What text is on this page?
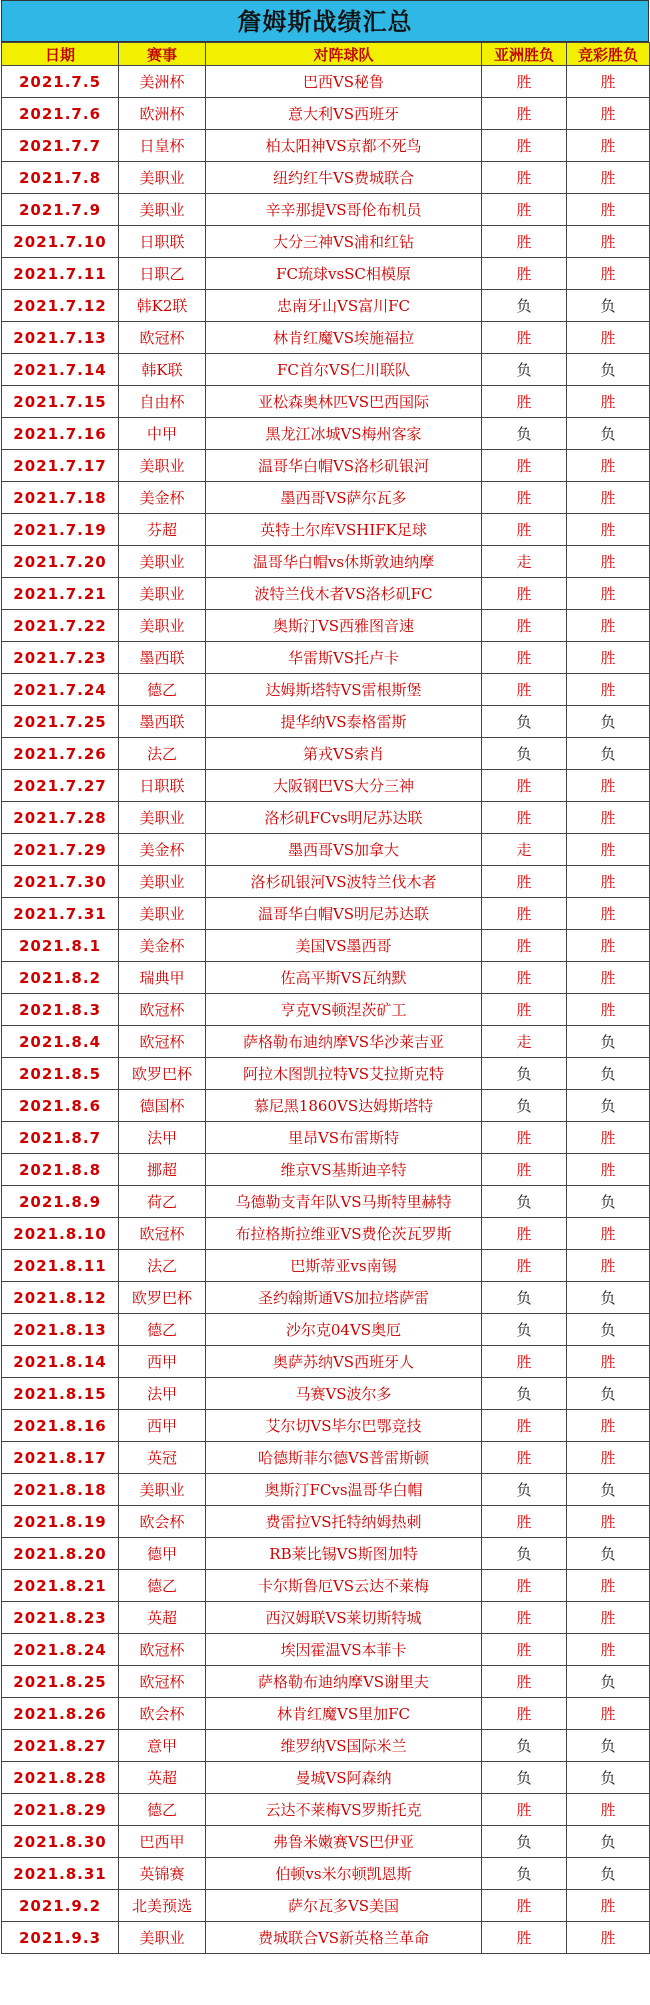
詹姆斯战绩汇总
日期	赛事	对阵球队	亚洲胜负	竞彩胜负
2021.7.5	美洲杯	巴西VS秘鲁	胜	胜
2021.7.6	欧洲杯	意大利VS西班牙	胜	胜
2021.7.7	日皇杯	柏太阳神VS京都不死鸟	胜	胜
2021.7.8	美职业	纽约红牛VS费城联合	胜	胜
2021.7.9	美职业	辛辛那提VS哥伦布机员	胜	胜
2021.7.10	日职联	大分三神VS浦和红钻	胜	胜
2021.7.11	日职乙	FC琉球vsSC相模原	胜	胜
2021.7.12	韩K2联	忠南牙山VS富川FC	负	负
2021.7.13	欧冠杯	林肯红魔VS埃施福拉	胜	胜
2021.7.14	韩K联	FC首尔VS仁川联队	负	负
2021.7.15	自由杯	亚松森奥林匹VS巴西国际	胜	胜
2021.7.16	中甲	黑龙江冰城VS梅州客家	负	负
2021.7.17	美职业	温哥华白帽VS洛杉矶银河	胜	胜
2021.7.18	美金杯	墨西哥VS萨尔瓦多	胜	胜
2021.7.19	芬超	英特土尔库VSHIFK足球	胜	胜
2021.7.20	美职业	温哥华白帽vs休斯敦迪纳摩	走	胜
2021.7.21	美职业	波特兰伐木者VS洛杉矶FC	胜	胜
2021.7.22	美职业	奥斯汀VS西雅图音速	胜	胜
2021.7.23	墨西联	华雷斯VS托卢卡	胜	胜
2021.7.24	德乙	达姆斯塔特VS雷根斯堡	胜	胜
2021.7.25	墨西联	提华纳VS泰格雷斯	负	负
2021.7.26	法乙	第戎VS索肖	负	负
2021.7.27	日职联	大阪钢巴VS大分三神	胜	胜
2021.7.28	美职业	洛杉矶FCvs明尼苏达联	胜	胜
2021.7.29	美金杯	墨西哥VS加拿大	走	胜
2021.7.30	美职业	洛杉矶银河VS波特兰伐木者	胜	胜
2021.7.31	美职业	温哥华白帽VS明尼苏达联	胜	胜
2021.8.1	美金杯	美国VS墨西哥	胜	胜
2021.8.2	瑞典甲	佐高平斯VS瓦纳默	胜	胜
2021.8.3	欧冠杯	亨克VS顿涅茨矿工	胜	胜
2021.8.4	欧冠杯	萨格勒布迪纳摩VS华沙莱吉亚	走	负
2021.8.5	欧罗巴杯	阿拉木图凯拉特VS艾拉斯克特	负	负
2021.8.6	德国杯	慕尼黑1860VS达姆斯塔特	负	负
2021.8.7	法甲	里昂VS布雷斯特	胜	胜
2021.8.8	挪超	维京VS基斯迪辛特	胜	胜
2021.8.9	荷乙	乌德勒支青年队VS马斯特里赫特	负	负
2021.8.10	欧冠杯	布拉格斯拉维亚VS费伦茨瓦罗斯	胜	胜
2021.8.11	法乙	巴斯蒂亚vs南锡	胜	胜
2021.8.12	欧罗巴杯	圣约翰斯通VS加拉塔萨雷	负	负
2021.8.13	德乙	沙尔克04VS奥厄	负	负
2021.8.14	西甲	奥萨苏纳VS西班牙人	胜	胜
2021.8.15	法甲	马赛VS波尔多	负	负
2021.8.16	西甲	艾尔切VS毕尔巴鄂竞技	胜	胜
2021.8.17	英冠	哈德斯菲尔德VS普雷斯顿	胜	胜
2021.8.18	美职业	奥斯汀FCvs温哥华白帽	负	负
2021.8.19	欧会杯	费雷拉VS托特纳姆热刺	胜	胜
2021.8.20	德甲	RB莱比锡VS斯图加特	负	负
2021.8.21	德乙	卡尔斯鲁厄VS云达不莱梅	胜	胜
2021.8.23	英超	西汉姆联VS莱切斯特城	胜	胜
2021.8.24	欧冠杯	埃因霍温VS本菲卡	胜	胜
2021.8.25	欧冠杯	萨格勒布迪纳摩VS谢里夫	胜	负
2021.8.26	欧会杯	林肯红魔VS里加FC	胜	胜
2021.8.27	意甲	维罗纳VS国际米兰	负	负
2021.8.28	英超	曼城VS阿森纳	负	负
2021.8.29	德乙	云达不莱梅VS罗斯托克	胜	胜
2021.8.30	巴西甲	弗鲁米嫩赛VS巴伊亚	负	负
2021.8.31	英锦赛	伯顿vs米尔顿凯恩斯	负	负
2021.9.2	北美预选	萨尔瓦多VS美国	胜	胜
2021.9.3	美职业	费城联合VS新英格兰革命	胜	胜
